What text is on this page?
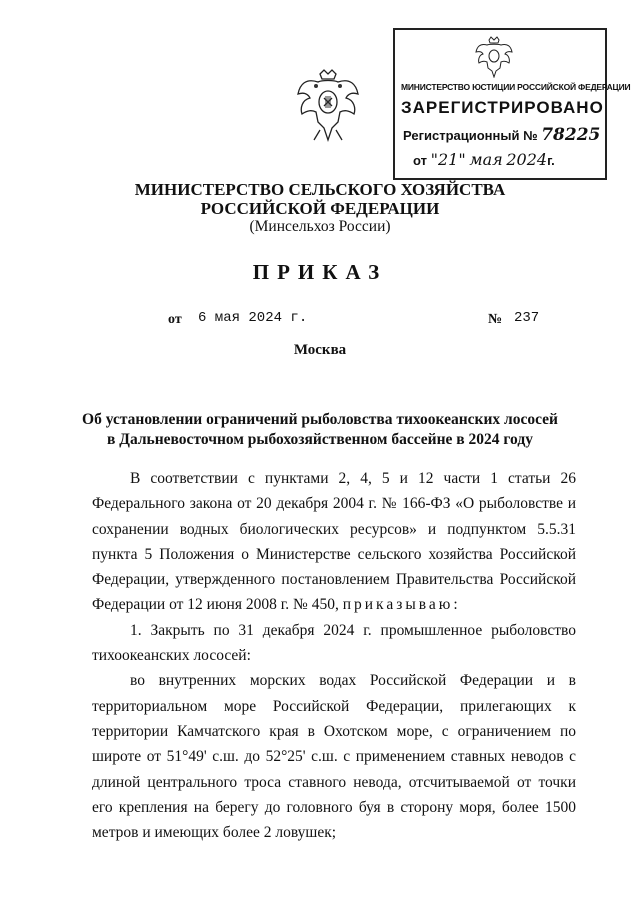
МИНИСТЕРСТВО ЮСТИЦИИ РОССИЙСКОЙ ФЕДЕРАЦИИ
ЗАРЕГИСТРИРОВАНО
Регистрационный № 78225
от "21" мая 2024г.
МИНИСТЕРСТВО СЕЛЬСКОГО ХОЗЯЙСТВА
РОССИЙСКОЙ ФЕДЕРАЦИИ
(Минсельхоз России)
ПРИКАЗ
от 6 мая 2024 г.	№ 237
Москва
Об установлении ограничений рыболовства тихоокеанских лососей
в Дальневосточном рыбохозяйственном бассейне в 2024 году

В соответствии с пунктами 2, 4, 5 и 12 части 1 статьи 26 Федерального закона от 20 декабря 2004 г. № 166-ФЗ «О рыболовстве и сохранении водных биологических ресурсов» и подпунктом 5.5.31 пункта 5 Положения о Министерстве сельского хозяйства Российской Федерации, утвержденного постановлением Правительства Российской Федерации от 12 июня 2008 г. № 450, приказываю:

1. Закрыть по 31 декабря 2024 г. промышленное рыболовство тихоокеанских лососей:

во внутренних морских водах Российской Федерации и в территориальном море Российской Федерации, прилегающих к территории Камчатского края в Охотском море, с ограничением по широте от 51°49' с.ш. до 52°25' с.ш. с применением ставных неводов с длиной центрального троса ставного невода, отсчитываемой от точки его крепления на берегу до головного буя в сторону моря, более 1500 метров и имеющих более 2 ловушек;
